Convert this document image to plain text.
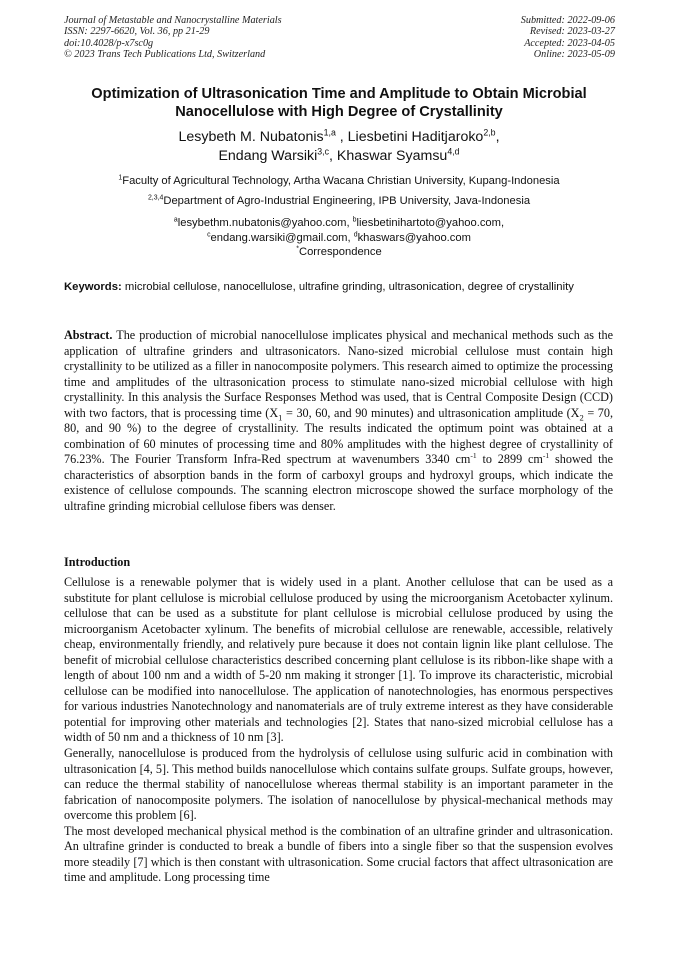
Journal of Metastable and Nanocrystalline Materials
ISSN: 2297-6620, Vol. 36, pp 21-29
doi:10.4028/p-x7sc0g
© 2023 Trans Tech Publications Ltd, Switzerland
Submitted: 2022-09-06
Revised: 2023-03-27
Accepted: 2023-04-05
Online: 2023-05-09
Optimization of Ultrasonication Time and Amplitude to Obtain Microbial
Nanocellulose with High Degree of Crystallinity
Lesybeth M. Nubatonis$^{1,a}$ , Liesbetini Haditjaroko$^{2,b}$,
Endang Warsiki$^{3,c}$, Khaswar Syamsu$^{4,d}$
$^1$Faculty of Agricultural Technology, Artha Wacana Christian University, Kupang-Indonesia
$^{2,3,4}$Department of Agro-Industrial Engineering, IPB University, Java-Indonesia
$^a$lesybethm.nubatonis@yahoo.com, $^b$liesbetinihartoto@yahoo.com,
$^c$endang.warsiki@gmail.com, $^d$khaswars@yahoo.com
*Correspondence
Keywords: microbial cellulose, nanocellulose, ultrafine grinding, ultrasonication, degree of crystallinity
Abstract. The production of microbial nanocellulose implicates physical and mechanical methods such as the application of ultrafine grinders and ultrasonicators. Nano-sized microbial cellulose must contain high crystallinity to be utilized as a filler in nanocomposite polymers. This research aimed to optimize the processing time and amplitudes of the ultrasonication process to stimulate nano-sized microbial cellulose with high crystallinity. In this analysis the Surface Responses Method was used, that is Central Composite Design (CCD) with two factors, that is processing time ($X_1 = 30$, 60, and 90 minutes) and ultrasonication amplitude ($X_2 = 70$, 80, and 90 %) to the degree of crystallinity. The results indicated the optimum point was obtained at a combination of 60 minutes of processing time and 80% amplitudes with the highest degree of crystallinity of 76.23%. The Fourier Transform Infra-Red spectrum at wavenumbers 3340 $cm^{-1}$ to 2899 $cm^{-1}$ showed the characteristics of absorption bands in the form of carboxyl groups and hydroxyl groups, which indicate the existence of cellulose compounds. The scanning electron microscope showed the surface morphology of the ultrafine grinding microbial cellulose fibers was denser.
Introduction

Cellulose is a renewable polymer that is widely used in a plant. Another cellulose that can be used as a substitute for plant cellulose is microbial cellulose produced by using the microorganism Acetobacter xylinum. cellulose that can be used as a substitute for plant cellulose is microbial cellulose produced by using the microorganism Acetobacter xylinum. The benefits of microbial cellulose are renewable, accessible, relatively cheap, environmentally friendly, and relatively pure because it does not contain lignin like plant cellulose. The benefit of microbial cellulose characteristics described concerning plant cellulose is its ribbon-like shape with a length of about 100 nm and a width of 5-20 nm making it stronger [1]. To improve its characteristic, microbial cellulose can be modified into nanocellulose. The application of nanotechnologies, has enormous perspectives for various industries Nanotechnology and nanomaterials are of truly extreme interest as they have considerable potential for improving other materials and technologies [2]. States that nano-sized microbial cellulose has a width of 50 nm and a thickness of 10 nm [3].

Generally, nanocellulose is produced from the hydrolysis of cellulose using sulfuric acid in combination with ultrasonication [4, 5]. This method builds nanocellulose which contains sulfate groups. Sulfate groups, however, can reduce the thermal stability of nanocellulose whereas thermal stability is an important parameter in the fabrication of nanocomposite polymers. The isolation of nanocellulose by physical-mechanical methods may overcome this problem [6].

The most developed mechanical physical method is the combination of an ultrafine grinder and ultrasonication. An ultrafine grinder is conducted to break a bundle of fibers into a single fiber so that the suspension evolves more steadily [7] which is then constant with ultrasonication. Some crucial factors that affect ultrasonication are time and amplitude. Long processing time
